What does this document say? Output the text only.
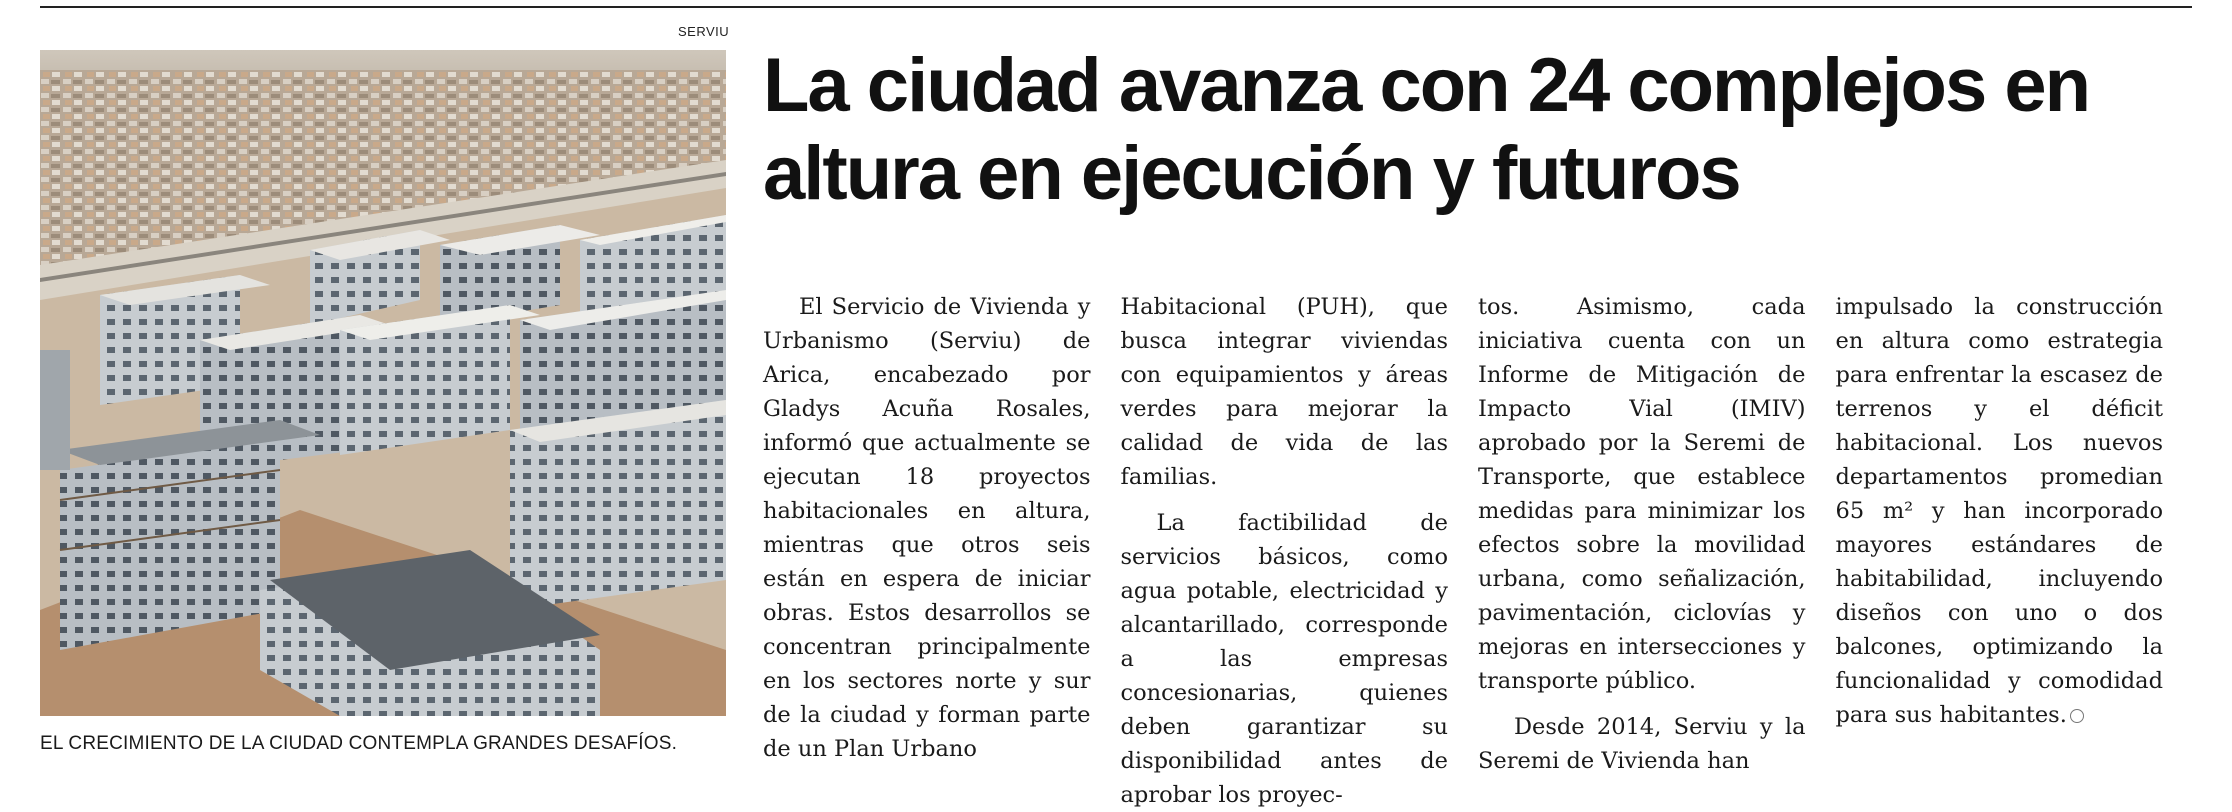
SERVIU
EL CRECIMIENTO DE LA CIUDAD CONTEMPLA GRANDES DESAFÍOS.
La ciudad avanza con 24 complejos en altura en ejecución y futuros

El Servicio de Vivienda y Urbanismo (Serviu) de Arica, encabezado por Gladys Acuña Rosales, informó que actualmente se ejecutan 18 proyectos habitacionales en altura, mientras que otros seis están en espera de iniciar obras. Estos desarrollos se concentran principalmente en los sectores norte y sur de la ciudad y forman parte de un Plan Urbano

Habitacional (PUH), que busca integrar viviendas con equipamientos y áreas verdes para mejorar la calidad de vida de las familias.

La factibilidad de servicios básicos, como agua potable, electricidad y alcantarillado, corresponde a las empresas concesionarias, quienes deben garantizar su disponibilidad antes de aprobar los proyec-

tos. Asimismo, cada iniciativa cuenta con un Informe de Mitigación de Impacto Vial (IMIV) aprobado por la Seremi de Transporte, que establece medidas para minimizar los efectos sobre la movilidad urbana, como señalización, pavimentación, ciclovías y mejoras en intersecciones y transporte público.

Desde 2014, Serviu y la Seremi de Vivienda han

impulsado la construcción en altura como estrategia para enfrentar la escasez de terrenos y el déficit habitacional. Los nuevos departamentos promedian 65 m² y han incorporado mayores estándares de habitabilidad, incluyendo diseños con uno o dos balcones, optimizando la funcionalidad y comodidad para sus habitantes.
